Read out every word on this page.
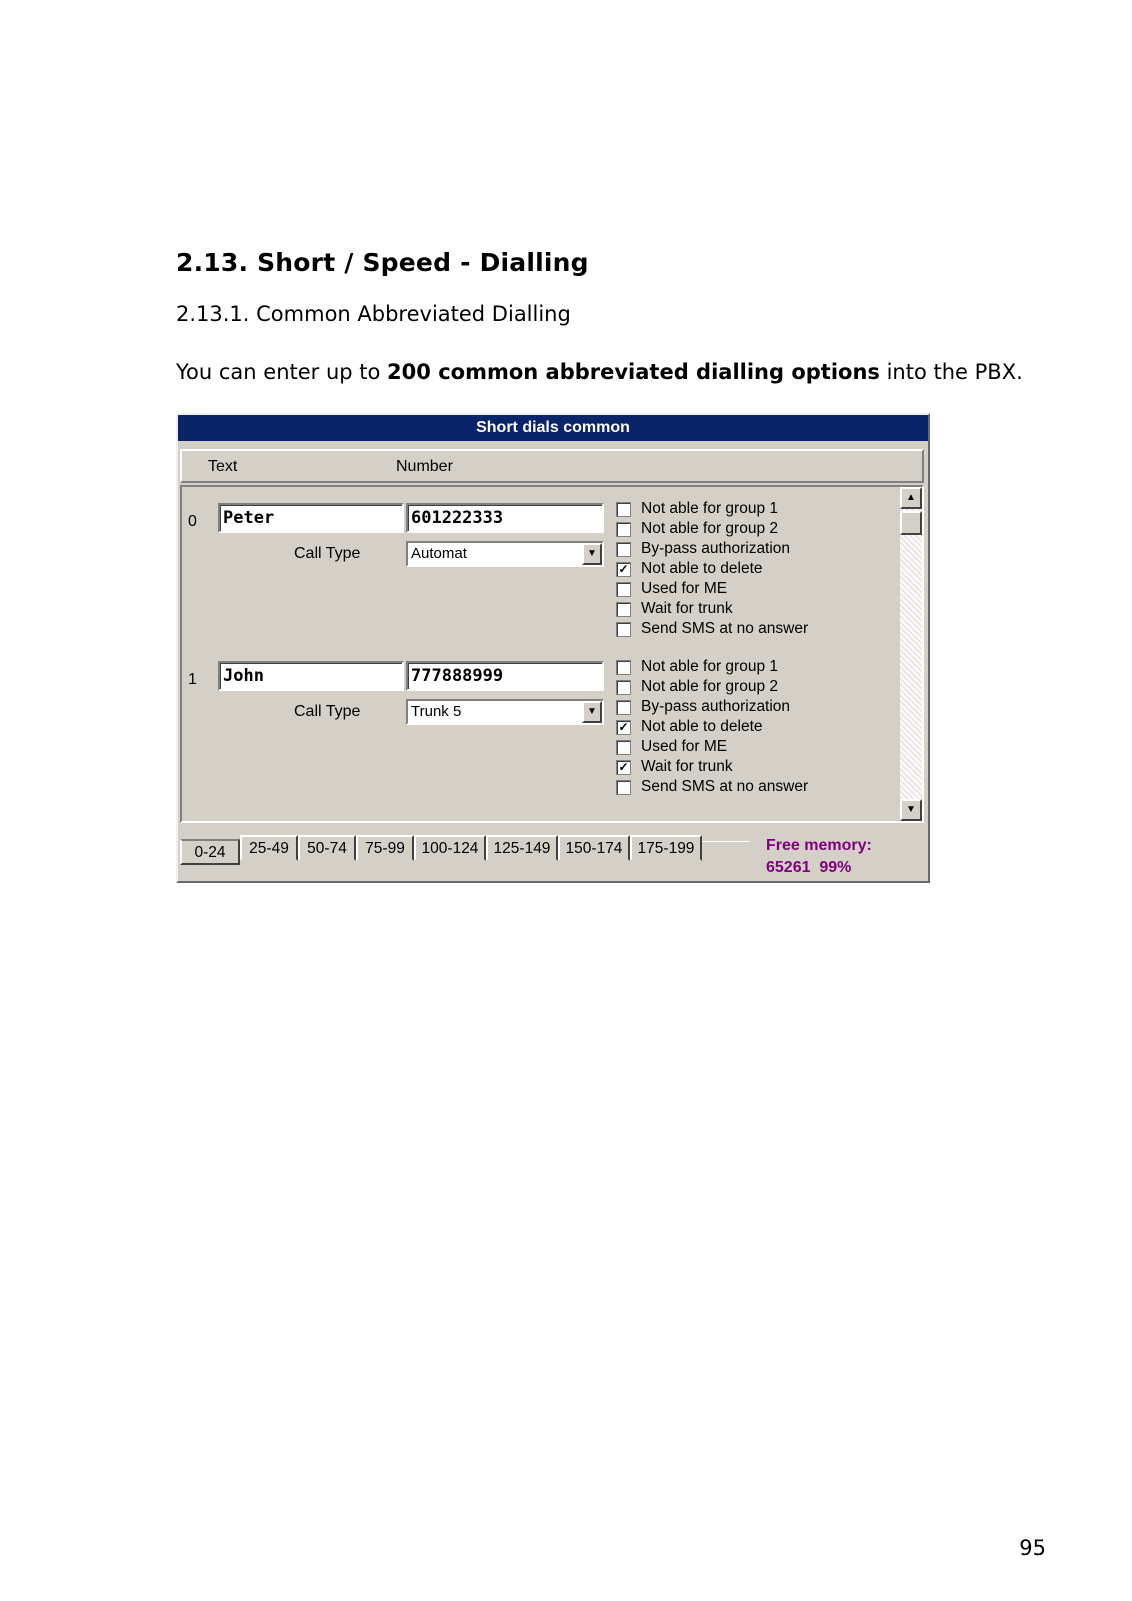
2.13. Short / Speed - Dialling
2.13.1. Common Abbreviated Dialling
You can enter up to 200 common abbreviated dialling options into the PBX.
Short dials common
Text	Number
0 Peter	601222333
Call Type	Automat	▼
Not able for group 1
Not able for group 2
By-pass authorization
✓ Not able to delete
Used for ME
Wait for trunk
Send SMS at no answer
1 John	777888999
Call Type	Trunk 5	▼
Not able for group 1
Not able for group 2
By-pass authorization
✓ Not able to delete
Used for ME
✓ Wait for trunk
Send SMS at no answer
▲
▼
0-24	25-49	50-74	75-99	100-124 125-149 150-174 175-199	Free memory:
65261  99%
95
